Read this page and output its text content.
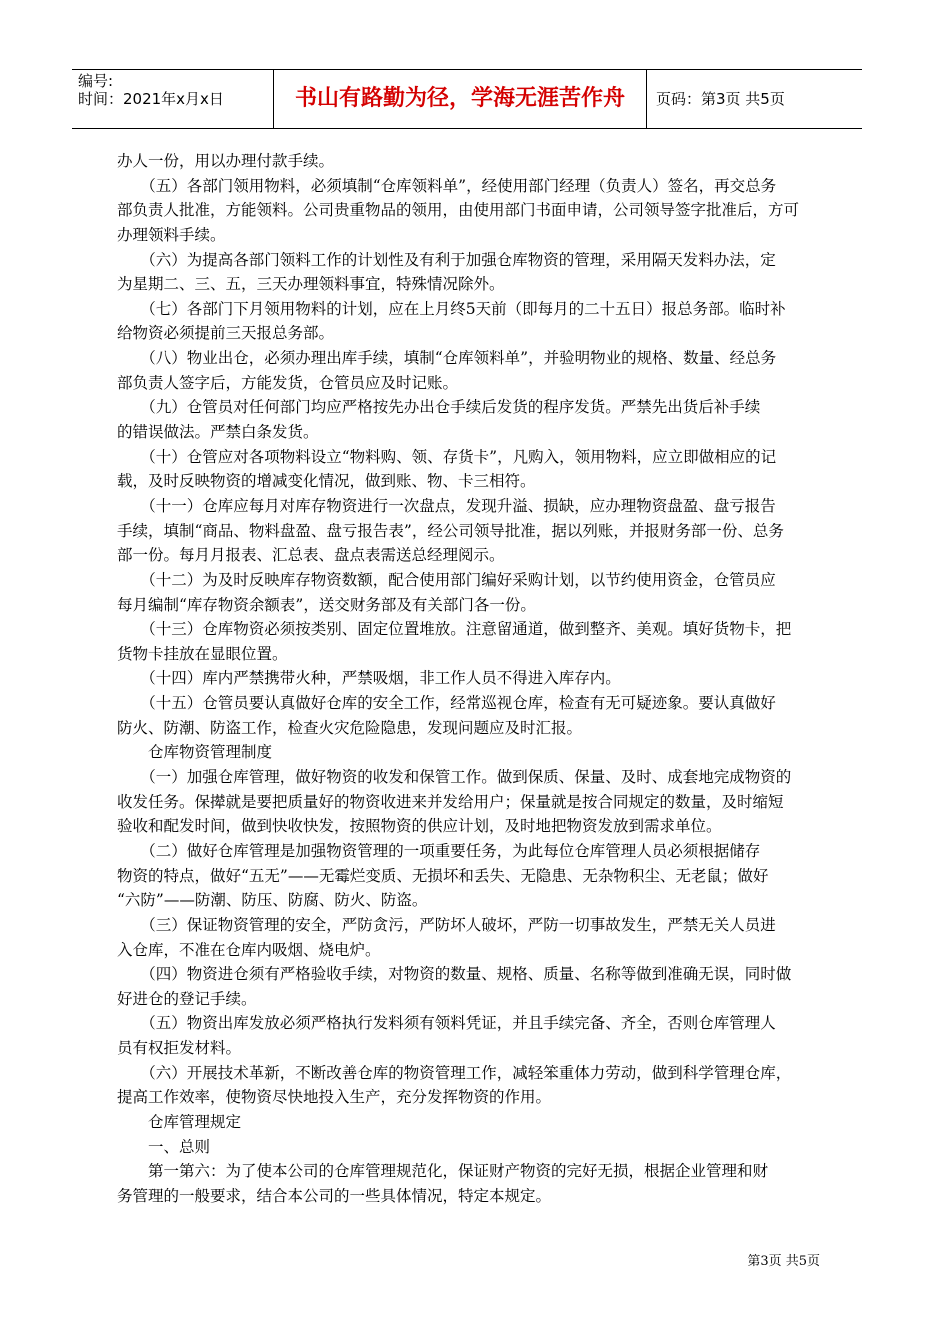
编号:
时间：2021年x月x日	书山有路勤为径，学海无涯苦作舟	页码：第3页 共5页
办人一份，用以办理付款手续。
　　（五）各部门领用物料，必须填制“仓库领料单”，经使用部门经理（负责人）签名，再交总务
部负责人批准，方能领料。公司贵重物品的领用，由使用部门书面申请，公司领导签字批准后，方可
办理领料手续。
　　（六）为提高各部门领料工作的计划性及有利于加强仓库物资的管理，采用隔天发料办法，定
为星期二、三、五，三天办理领料事宜，特殊情况除外。
　　（七）各部门下月领用物料的计划，应在上月终5天前（即每月的二十五日）报总务部。临时补
给物资必须提前三天报总务部。
　　（八）物业出仓，必须办理出库手续，填制“仓库领料单”，并验明物业的规格、数量、经总务
部负责人签字后，方能发货，仓管员应及时记账。
　　（九）仓管员对任何部门均应严格按先办出仓手续后发货的程序发货。严禁先出货后补手续
的错误做法。严禁白条发货。
　　（十）仓管应对各项物料设立“物料购、领、存货卡”，凡购入，领用物料，应立即做相应的记
载，及时反映物资的增减变化情况，做到账、物、卡三相符。
　　（十一）仓库应每月对库存物资进行一次盘点，发现升溢、损缺，应办理物资盘盈、盘亏报告
手续，填制“商品、物料盘盈、盘亏报告表”，经公司领导批准，据以列账，并报财务部一份、总务
部一份。每月月报表、汇总表、盘点表需送总经理阅示。
　　（十二）为及时反映库存物资数额，配合使用部门编好采购计划，以节约使用资金，仓管员应
每月编制“库存物资余额表”，送交财务部及有关部门各一份。
　　（十三）仓库物资必须按类别、固定位置堆放。注意留通道，做到整齐、美观。填好货物卡，把
货物卡挂放在显眼位置。
　　（十四）库内严禁携带火种，严禁吸烟，非工作人员不得进入库存内。
　　（十五）仓管员要认真做好仓库的安全工作，经常巡视仓库，检查有无可疑迹象。要认真做好
防火、防潮、防盗工作，检查火灾危险隐患，发现问题应及时汇报。
　　仓库物资管理制度
　　（一）加强仓库管理，做好物资的收发和保管工作。做到保质、保量、及时、成套地完成物资的
收发任务。保撵就是要把质量好的物资收进来并发给用户；保量就是按合同规定的数量，及时缩短
验收和配发时间，做到快收快发，按照物资的供应计划，及时地把物资发放到需求单位。
　　（二）做好仓库管理是加强物资管理的一项重要任务，为此每位仓库管理人员必须根据储存
物资的特点，做好“五无”——无霉烂变质、无损坏和丢失、无隐患、无杂物积尘、无老鼠；做好
“六防”——防潮、防压、防腐、防火、防盗。
　　（三）保证物资管理的安全，严防贪污，严防坏人破坏，严防一切事故发生，严禁无关人员进
入仓库，不准在仓库内吸烟、烧电炉。
　　（四）物资进仓须有严格验收手续，对物资的数量、规格、质量、名称等做到准确无误，同时做
好进仓的登记手续。
　　（五）物资出库发放必须严格执行发料须有领料凭证，并且手续完备、齐全，否则仓库管理人
员有权拒发材料。
　　（六）开展技术革新，不断改善仓库的物资管理工作，减轻笨重体力劳动，做到科学管理仓库，
提高工作效率，使物资尽快地投入生产，充分发挥物资的作用。
　　仓库管理规定
　　一、总则
　　第一第六：为了使本公司的仓库管理规范化，保证财产物资的完好无损，根据企业管理和财
务管理的一般要求，结合本公司的一些具体情况，特定本规定。
第3页 共5页
